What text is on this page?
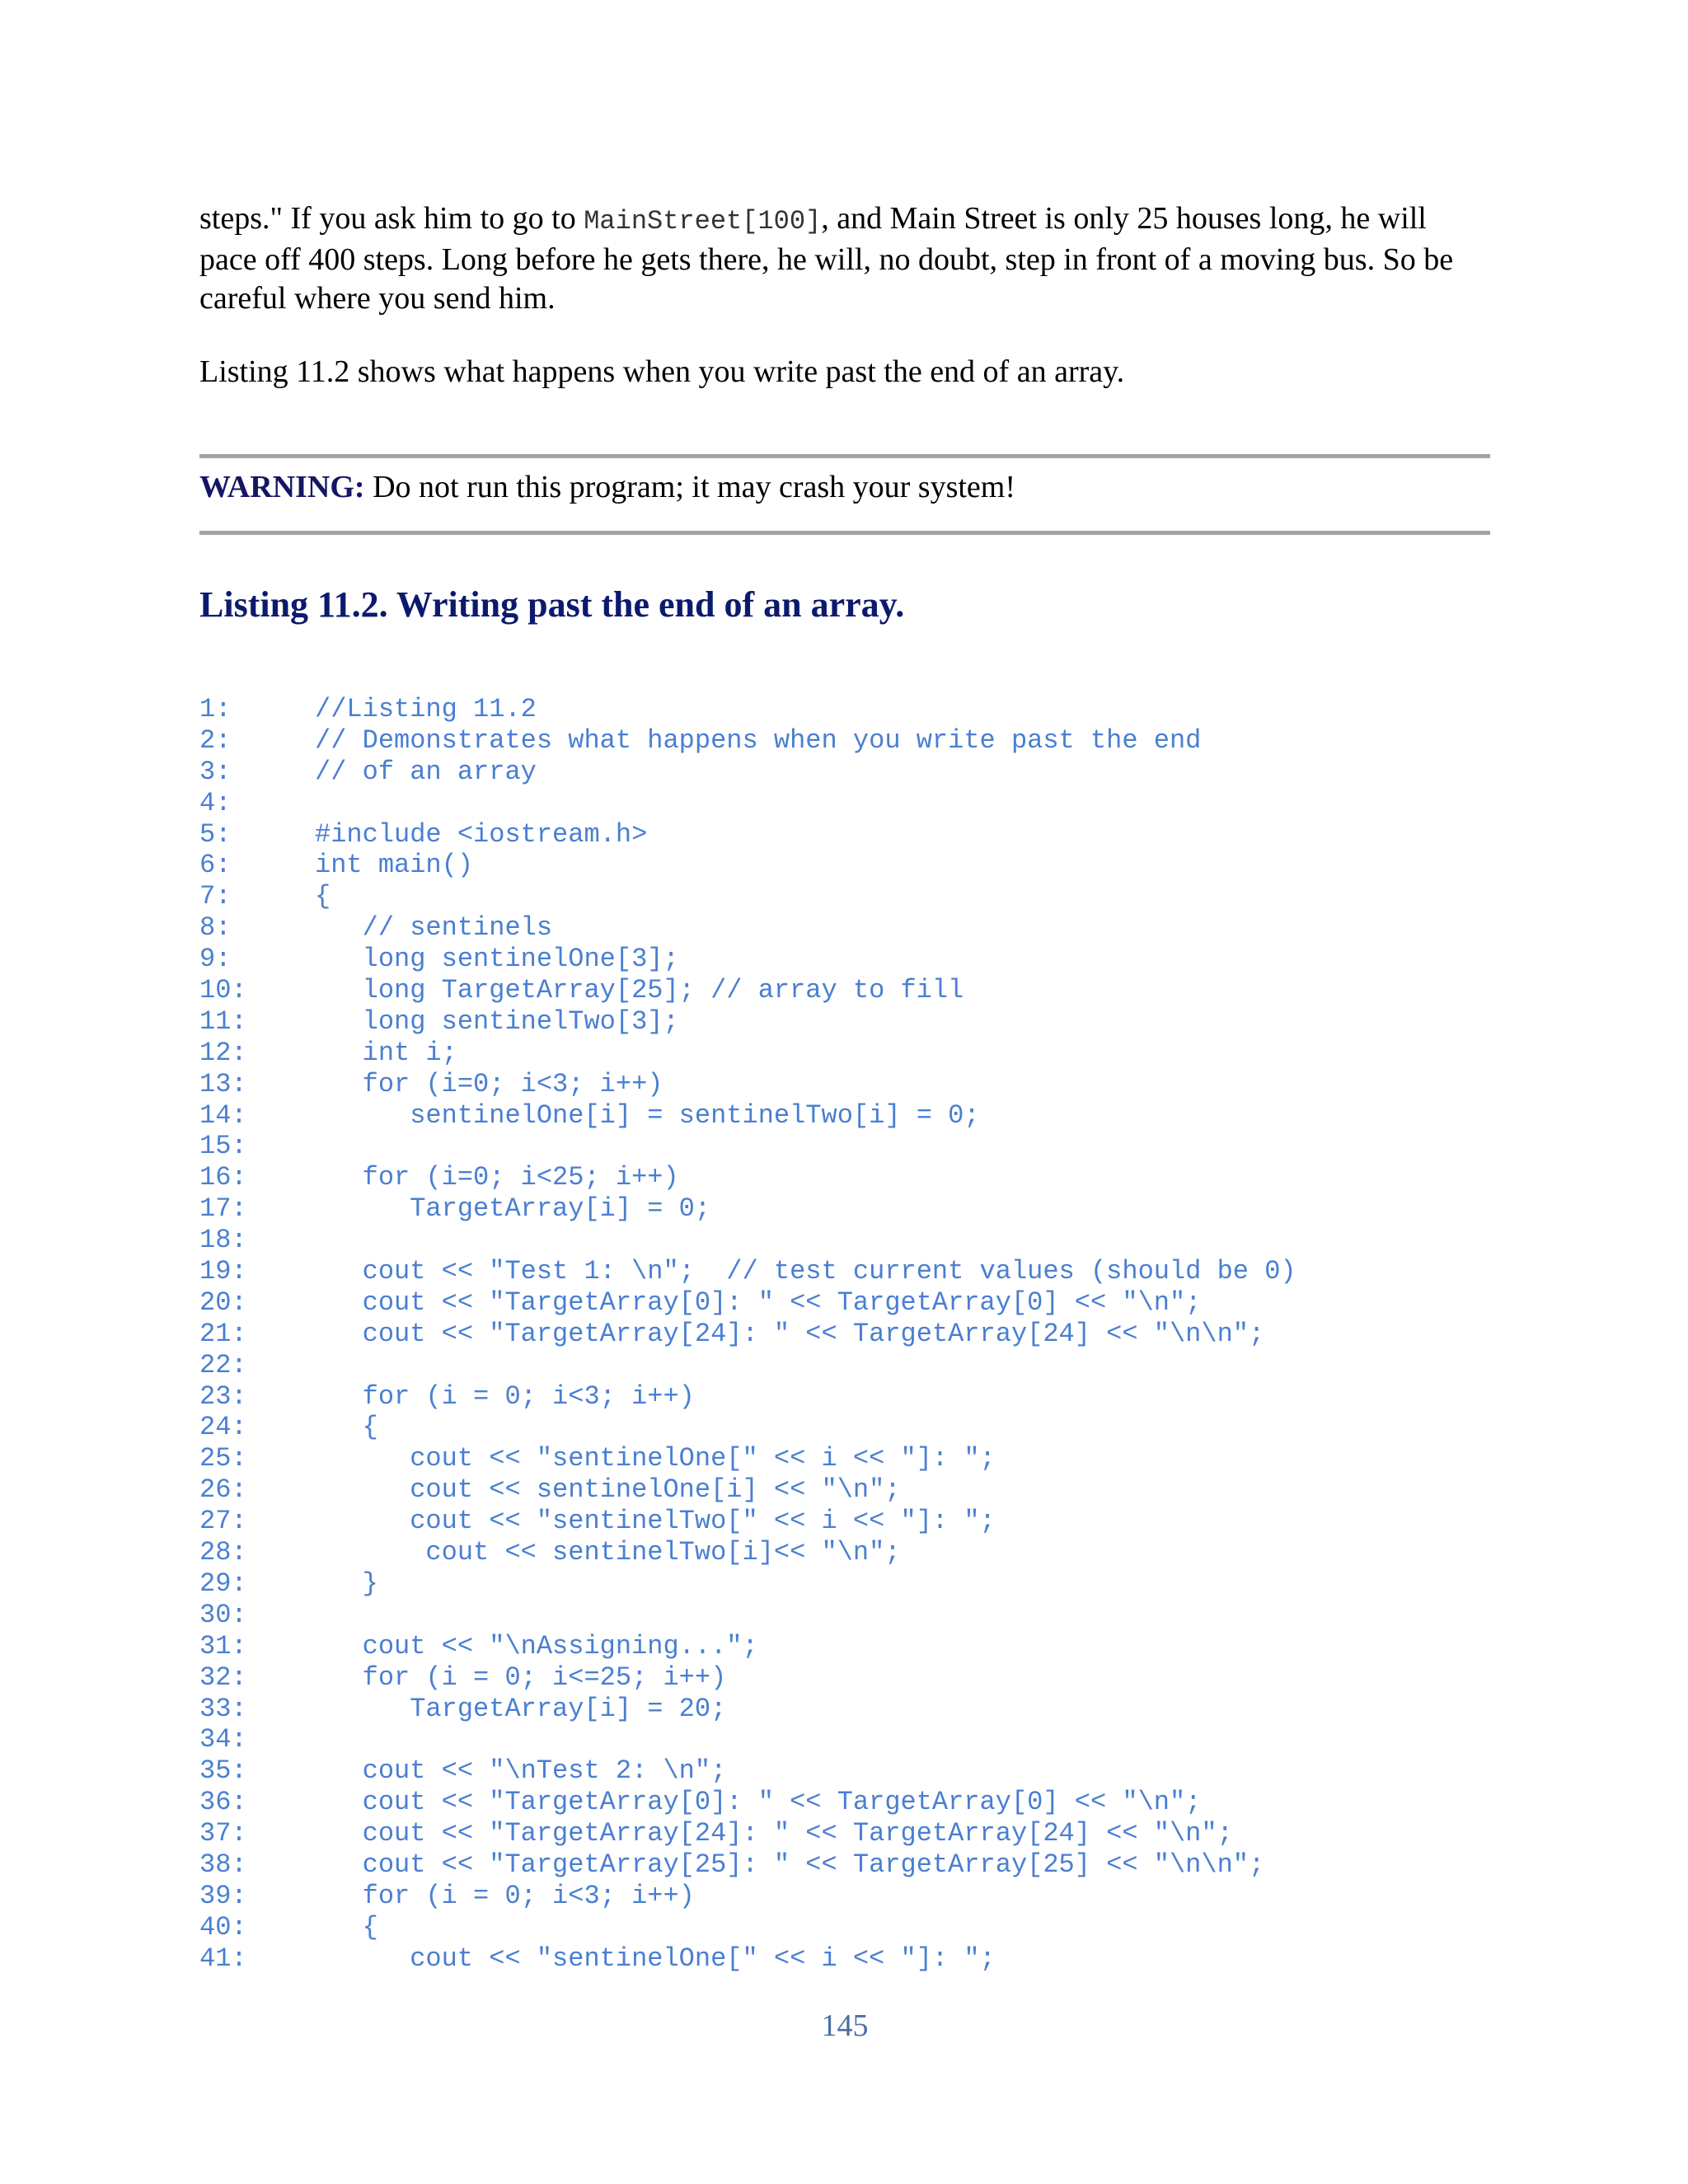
steps." If you ask him to go to MainStreet[100], and Main Street is only 25 houses long, he will pace off 400 steps. Long before he gets there, he will, no doubt, step in front of a moving bus. So be careful where you send him.

Listing 11.2 shows what happens when you write past the end of an array.

WARNING: Do not run this program; it may crash your system!
Listing 11.2. Writing past the end of an array.
1:	//Listing 11.2
2:	// Demonstrates what happens when you write past the end
3:	// of an array
4:
5:	#include <iostream.h>
6:	int main()
7:	{
8:	// sentinels
9:	long sentinelOne[3];
10:	long TargetArray[25]; // array to fill
11:	long sentinelTwo[3];
12:	int i;
13:	for (i=0; i<3; i++)
14:	sentinelOne[i] = sentinelTwo[i] = 0;
15:
16:	for (i=0; i<25; i++)
17:	TargetArray[i] = 0;
18:
19:	cout << "Test 1: \n";  // test current values (should be 0)
20:	cout << "TargetArray[0]: " << TargetArray[0] << "\n";
21:	cout << "TargetArray[24]: " << TargetArray[24] << "\n\n";
22:
23:	for (i = 0; i<3; i++)
24:	{
25:	cout << "sentinelOne[" << i << "]: ";
26:	cout << sentinelOne[i] << "\n";
27:	cout << "sentinelTwo[" << i << "]: ";
28:	cout << sentinelTwo[i]<< "\n";
29:	}
30:
31:	cout << "\nAssigning...";
32:	for (i = 0; i<=25; i++)
33:	TargetArray[i] = 20;
34:
35:	cout << "\nTest 2: \n";
36:	cout << "TargetArray[0]: " << TargetArray[0] << "\n";
37:	cout << "TargetArray[24]: " << TargetArray[24] << "\n";
38:	cout << "TargetArray[25]: " << TargetArray[25] << "\n\n";
39:	for (i = 0; i<3; i++)
40:	{
41:	cout << "sentinelOne[" << i << "]: ";
145
